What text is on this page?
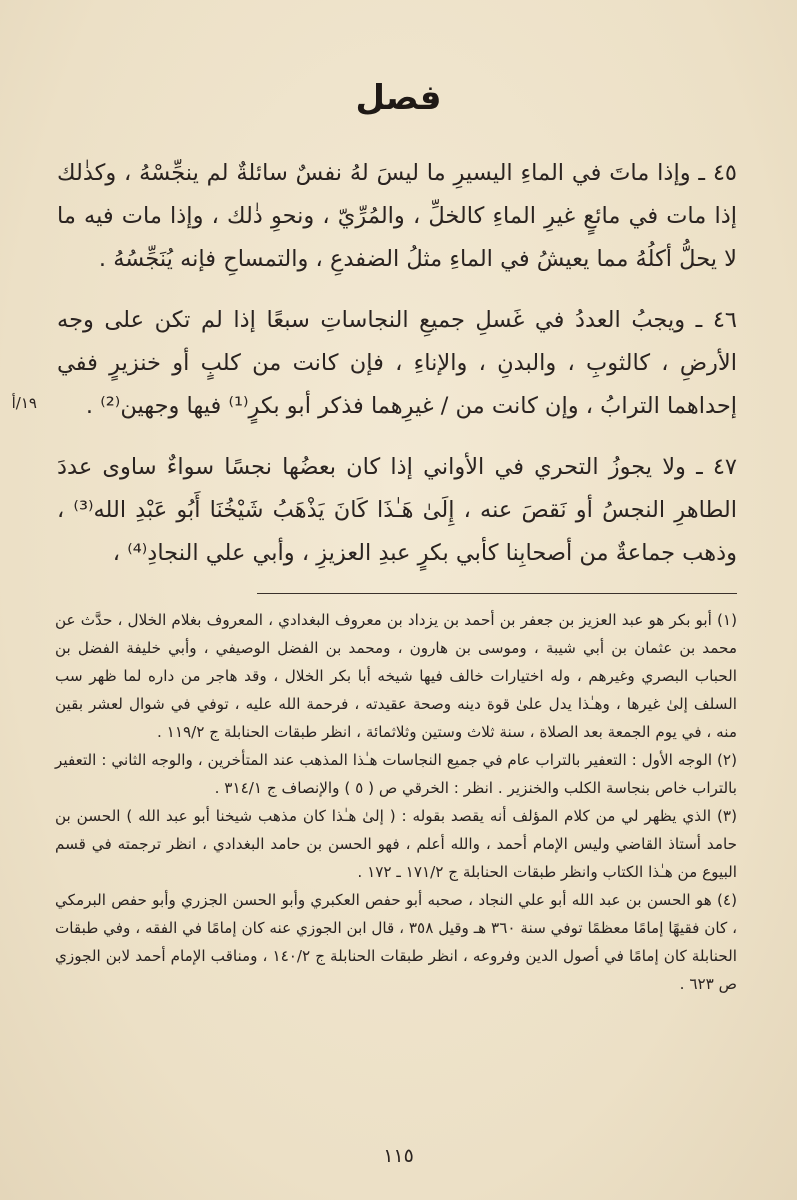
فصل
١٩/أ

٤٥ ـ وإذا ماتَ في الماءِ اليسيرِ ما ليسَ لهُ نفسٌ سائلةٌ لم ينجِّسْهُ ، وكذٰلك إذا مات في مائعٍ غيرِ الماءِ كالخلِّ ، والمُرِّيّ ، ونحوِ ذٰلك ، وإذا مات فيه ما لا يحلُّ أكلُهُ مما يعيشُ في الماءِ مثلُ الضفدعِ ، والتمساحِ فإنه يُنَجِّسُهُ .

٤٦ ـ ويجبُ العددُ في غَسلِ جميعِ النجاساتِ سبعًا إذا لم تكن على وجه الأرضِ ، كالثوبِ ، والبدنِ ، والإناءِ ، فإن كانت من كلبٍ أو خنزيرٍ ففي إحداهما الترابُ ، وإن كانت من / غيرِهما فذكر أبو بكرٍ⁽¹⁾ فيها وجهين⁽²⁾ .

٤٧ ـ ولا يجوزُ التحري في الأواني إذا كان بعضُها نجسًا سواءٌ ساوى عددَ الطاهرِ النجسُ أو نَقصَ عنه ، إِلَىٰ هَـٰذَا كَانَ يَذْهَبُ شَيْخُنَا أَبُو عَبْدِ الله⁽³⁾ ، وذهب جماعةٌ من أصحابِنا كأبي بكرٍ عبدِ العزيزِ ، وأبي علي النجادِ⁽⁴⁾ ،

(١) أبو بكر هو عبد العزيز بن جعفر بن أحمد بن يزداد بن معروف البغدادي ، المعروف بغلام الخلال ، حدَّث عن محمد بن عثمان بن أبي شيبة ، وموسى بن هارون ، ومحمد بن الفضل الوصيفي ، وأبي خليفة الفضل بن الحباب البصري وغيرهم ، وله اختيارات خالف فيها شيخه أبا بكر الخلال ، وقد هاجر من داره لما ظهر سب السلف إلىٰ غيرها ، وهـٰذا يدل علىٰ قوة دينه وصحة عقيدته ، فرحمة الله عليه ، توفي في شوال لعشر بقين منه ، في يوم الجمعة بعد الصلاة ، سنة ثلاث وستين وثلاثمائة ، انظر طبقات الحنابلة ج ١١٩/٢ .

(٢) الوجه الأول : التعفير بالتراب عام في جميع النجاسات هـٰذا المذهب عند المتأخرين ، والوجه الثاني : التعفير بالتراب خاص بنجاسة الكلب والخنزير . انظر : الخرقي ص ( ٥ ) والإنصاف ج ٣١٤/١ .

(٣) الذي يظهر لي من كلام المؤلف أنه يقصد بقوله : ( إلىٰ هـٰذا كان مذهب شيخنا أبو عبد الله ) الحسن بن حامد أستاذ القاضي وليس الإمام أحمد ، والله أعلم ، فهو الحسن بن حامد البغدادي ، انظر ترجمته في قسم البيوع من هـٰذا الكتاب وانظر طبقات الحنابلة ج ١٧١/٢ ـ ١٧٢ .

(٤) هو الحسن بن عبد الله أبو علي النجاد ، صحبه أبو حفص العكبري وأبو الحسن الجزري وأبو حفص البرمكي ، كان فقيهًا إمامًا معظمًا توفي سنة ٣٦٠ هـ وقيل ٣٥٨ ، قال ابن الجوزي عنه كان إمامًا في الفقه ، وفي طبقات الحنابلة كان إمامًا في أصول الدين وفروعه ، انظر طبقات الحنابلة ج ١٤٠/٢ ، ومناقب الإمام أحمد لابن الجوزي ص ٦٢٣ .

١١٥
